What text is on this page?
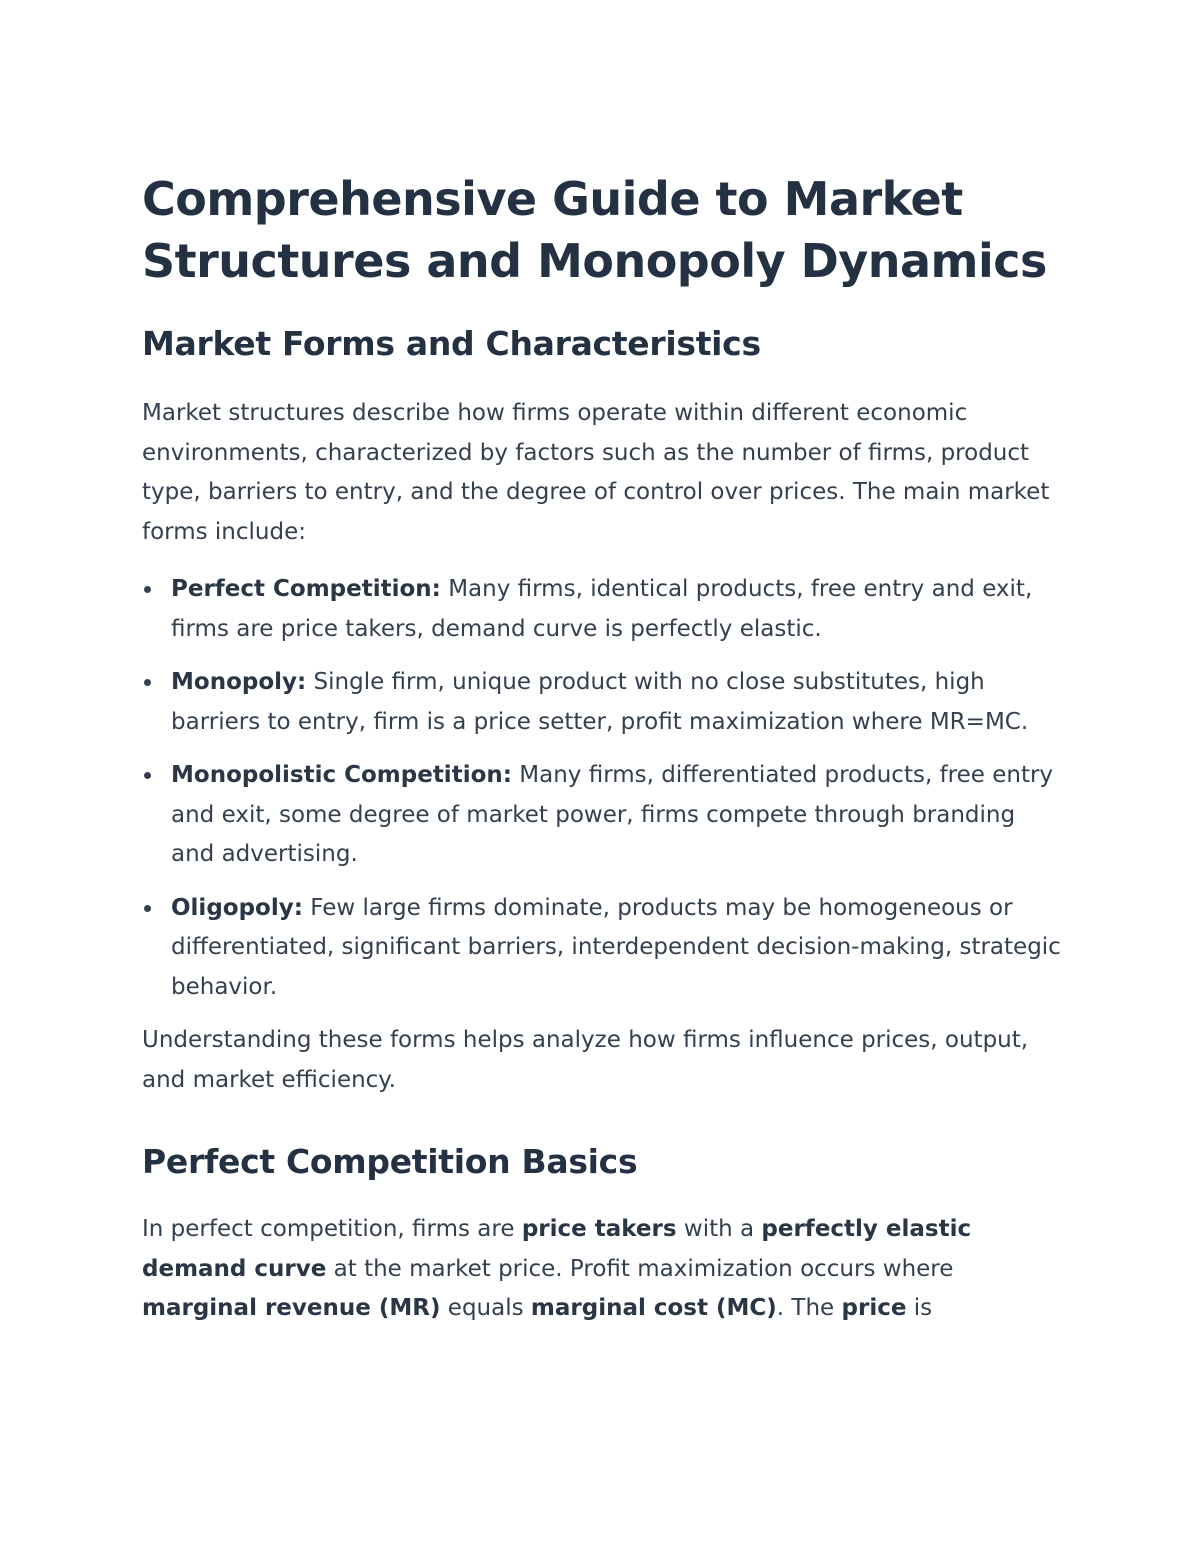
Comprehensive Guide to Market Structures and Monopoly Dynamics
Market Forms and Characteristics

Market structures describe how firms operate within different economic environments, characterized by factors such as the number of firms, product type, barriers to entry, and the degree of control over prices. The main market forms include:

Perfect Competition: Many firms, identical products, free entry and exit, firms are price takers, demand curve is perfectly elastic.
Monopoly: Single firm, unique product with no close substitutes, high barriers to entry, firm is a price setter, profit maximization where MR=MC.
Monopolistic Competition: Many firms, differentiated products, free entry and exit, some degree of market power, firms compete through branding and advertising.
Oligopoly: Few large firms dominate, products may be homogeneous or differentiated, significant barriers, interdependent decision-making, strategic behavior.

Understanding these forms helps analyze how firms influence prices, output, and market efficiency.

Perfect Competition Basics

In perfect competition, firms are price takers with a perfectly elastic demand curve at the market price. Profit maximization occurs where marginal revenue (MR) equals marginal cost (MC). The price is
